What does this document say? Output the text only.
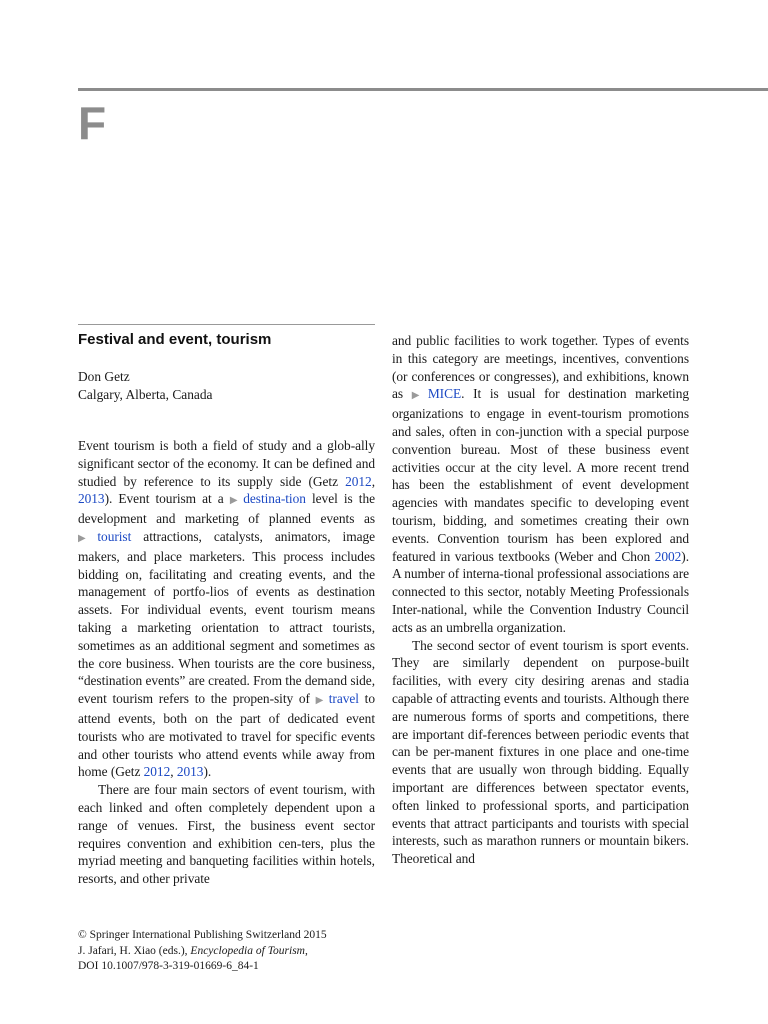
F
Festival and event, tourism
Don Getz
Calgary, Alberta, Canada

Event tourism is both a field of study and a glob-ally significant sector of the economy. It can be defined and studied by reference to its supply side (Getz 2012, 2013). Event tourism at a ▶ destina-tion level is the development and marketing of planned events as ▶ tourist attractions, catalysts, animators, image makers, and place marketers. This process includes bidding on, facilitating and creating events, and the management of portfo-lios of events as destination assets. For individual events, event tourism means taking a marketing orientation to attract tourists, sometimes as an additional segment and sometimes as the core business. When tourists are the core business, “destination events” are created. From the demand side, event tourism refers to the propen-sity of ▶ travel to attend events, both on the part of dedicated event tourists who are motivated to travel for specific events and other tourists who attend events while away from home (Getz 2012, 2013).

There are four main sectors of event tourism, with each linked and often completely dependent upon a range of venues. First, the business event sector requires convention and exhibition cen-ters, plus the myriad meeting and banqueting facilities within hotels, resorts, and other private

and public facilities to work together. Types of events in this category are meetings, incentives, conventions (or conferences or congresses), and exhibitions, known as ▶ MICE. It is usual for destination marketing organizations to engage in event-tourism promotions and sales, often in con-junction with a special purpose convention bureau. Most of these business event activities occur at the city level. A more recent trend has been the establishment of event development agencies with mandates specific to developing event tourism, bidding, and sometimes creating their own events. Convention tourism has been explored and featured in various textbooks (Weber and Chon 2002). A number of interna-tional professional associations are connected to this sector, notably Meeting Professionals Inter-national, while the Convention Industry Council acts as an umbrella organization.

The second sector of event tourism is sport events. They are similarly dependent on purpose-built facilities, with every city desiring arenas and stadia capable of attracting events and tourists. Although there are numerous forms of sports and competitions, there are important dif-ferences between periodic events that can be per-manent fixtures in one place and one-time events that are usually won through bidding. Equally important are differences between spectator events, often linked to professional sports, and participation events that attract participants and tourists with special interests, such as marathon runners or mountain bikers. Theoretical and

© Springer International Publishing Switzerland 2015
J. Jafari, H. Xiao (eds.), Encyclopedia of Tourism,
DOI 10.1007/978-3-319-01669-6_84-1
